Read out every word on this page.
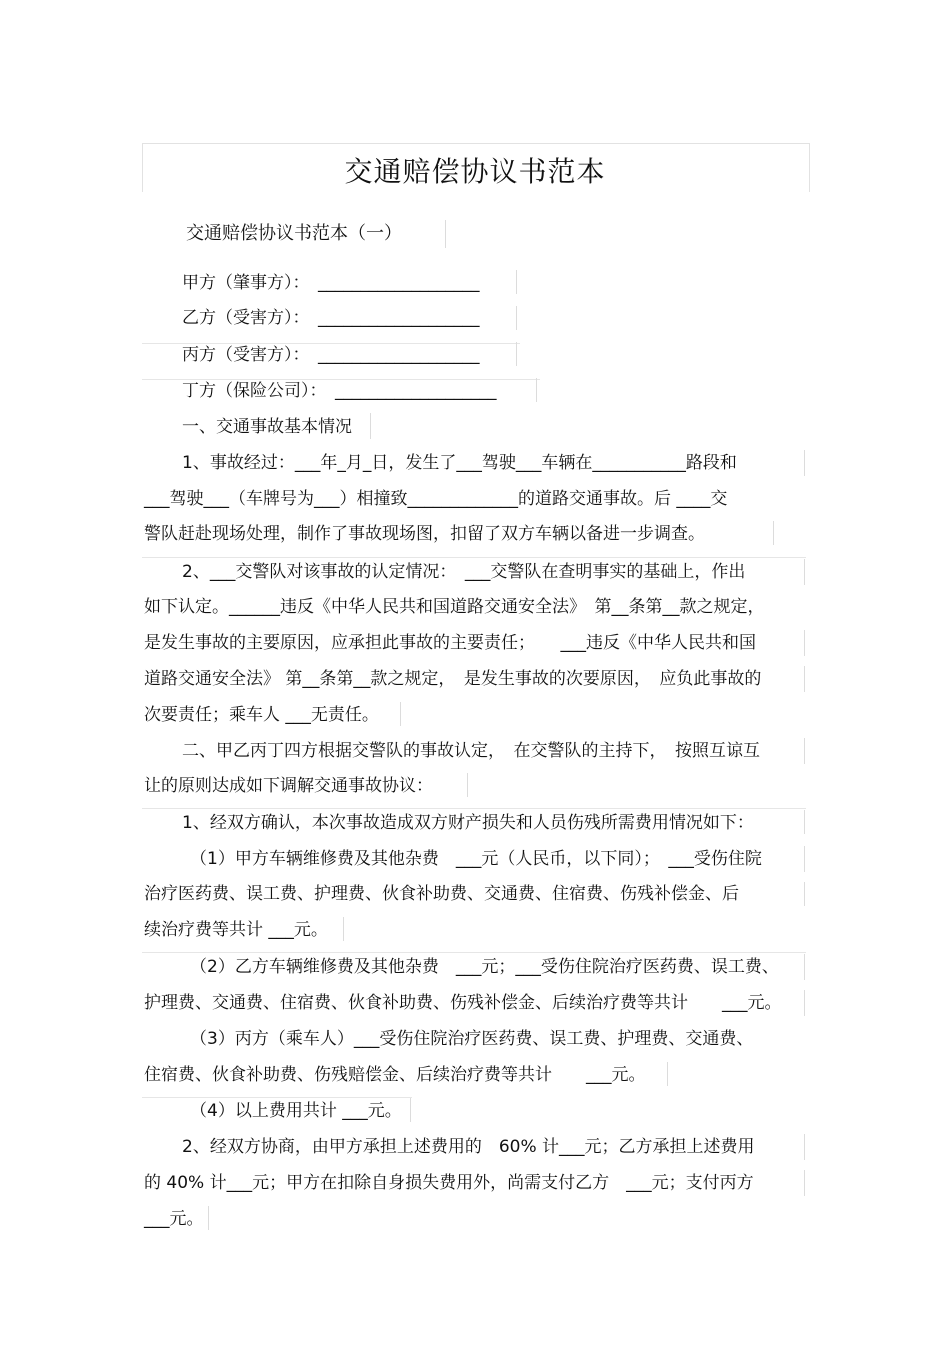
交通赔偿协议书范本
交通赔偿协议书范本（一）
甲方（肇事方）：　___________________
乙方（受害方）：　___________________
丙方（受害方）：　___________________
丁方（保险公司）：　___________________
一、交通事故基本情况
1、事故经过：___年_月_日，发生了___驾驶___车辆在___________路段和
___驾驶___（车牌号为___）相撞致_____________的道路交通事故。后 ____交
警队赶赴现场处理，制作了事故现场图，扣留了双方车辆以备进一步调查。
2、___交警队对该事故的认定情况：　___交警队在查明事实的基础上，作出
如下认定。______违反《中华人民共和国道路交通安全法》　第__条第__款之规定，
是发生事故的主要原因，应承担此事故的主要责任；　　___违反《中华人民共和国
道路交通安全法》 第__条第__款之规定，　是发生事故的次要原因，　应负此事故的
次要责任；乘车人 ___无责任。
二、甲乙丙丁四方根据交警队的事故认定，　在交警队的主持下，　按照互谅互
让的原则达成如下调解交通事故协议：
1、经双方确认，本次事故造成双方财产损失和人员伤残所需费用情况如下：
（1）甲方车辆维修费及其他杂费　___元（人民币，以下同）；　___受伤住院
治疗医药费、误工费、护理费、伙食补助费、交通费、住宿费、伤残补偿金、后
续治疗费等共计 ___元。
（2）乙方车辆维修费及其他杂费　___元；___受伤住院治疗医药费、误工费、
护理费、交通费、住宿费、伙食补助费、伤残补偿金、后续治疗费等共计　　___元。
（3）丙方（乘车人）___受伤住院治疗医药费、误工费、护理费、交通费、
住宿费、伙食补助费、伤残赔偿金、后续治疗费等共计　　___元。
（4）以上费用共计 ___元。
2、经双方协商，由甲方承担上述费用的　60% 计___元；乙方承担上述费用
的 40% 计___元；甲方在扣除自身损失费用外，尚需支付乙方　___元；支付丙方
___元。
